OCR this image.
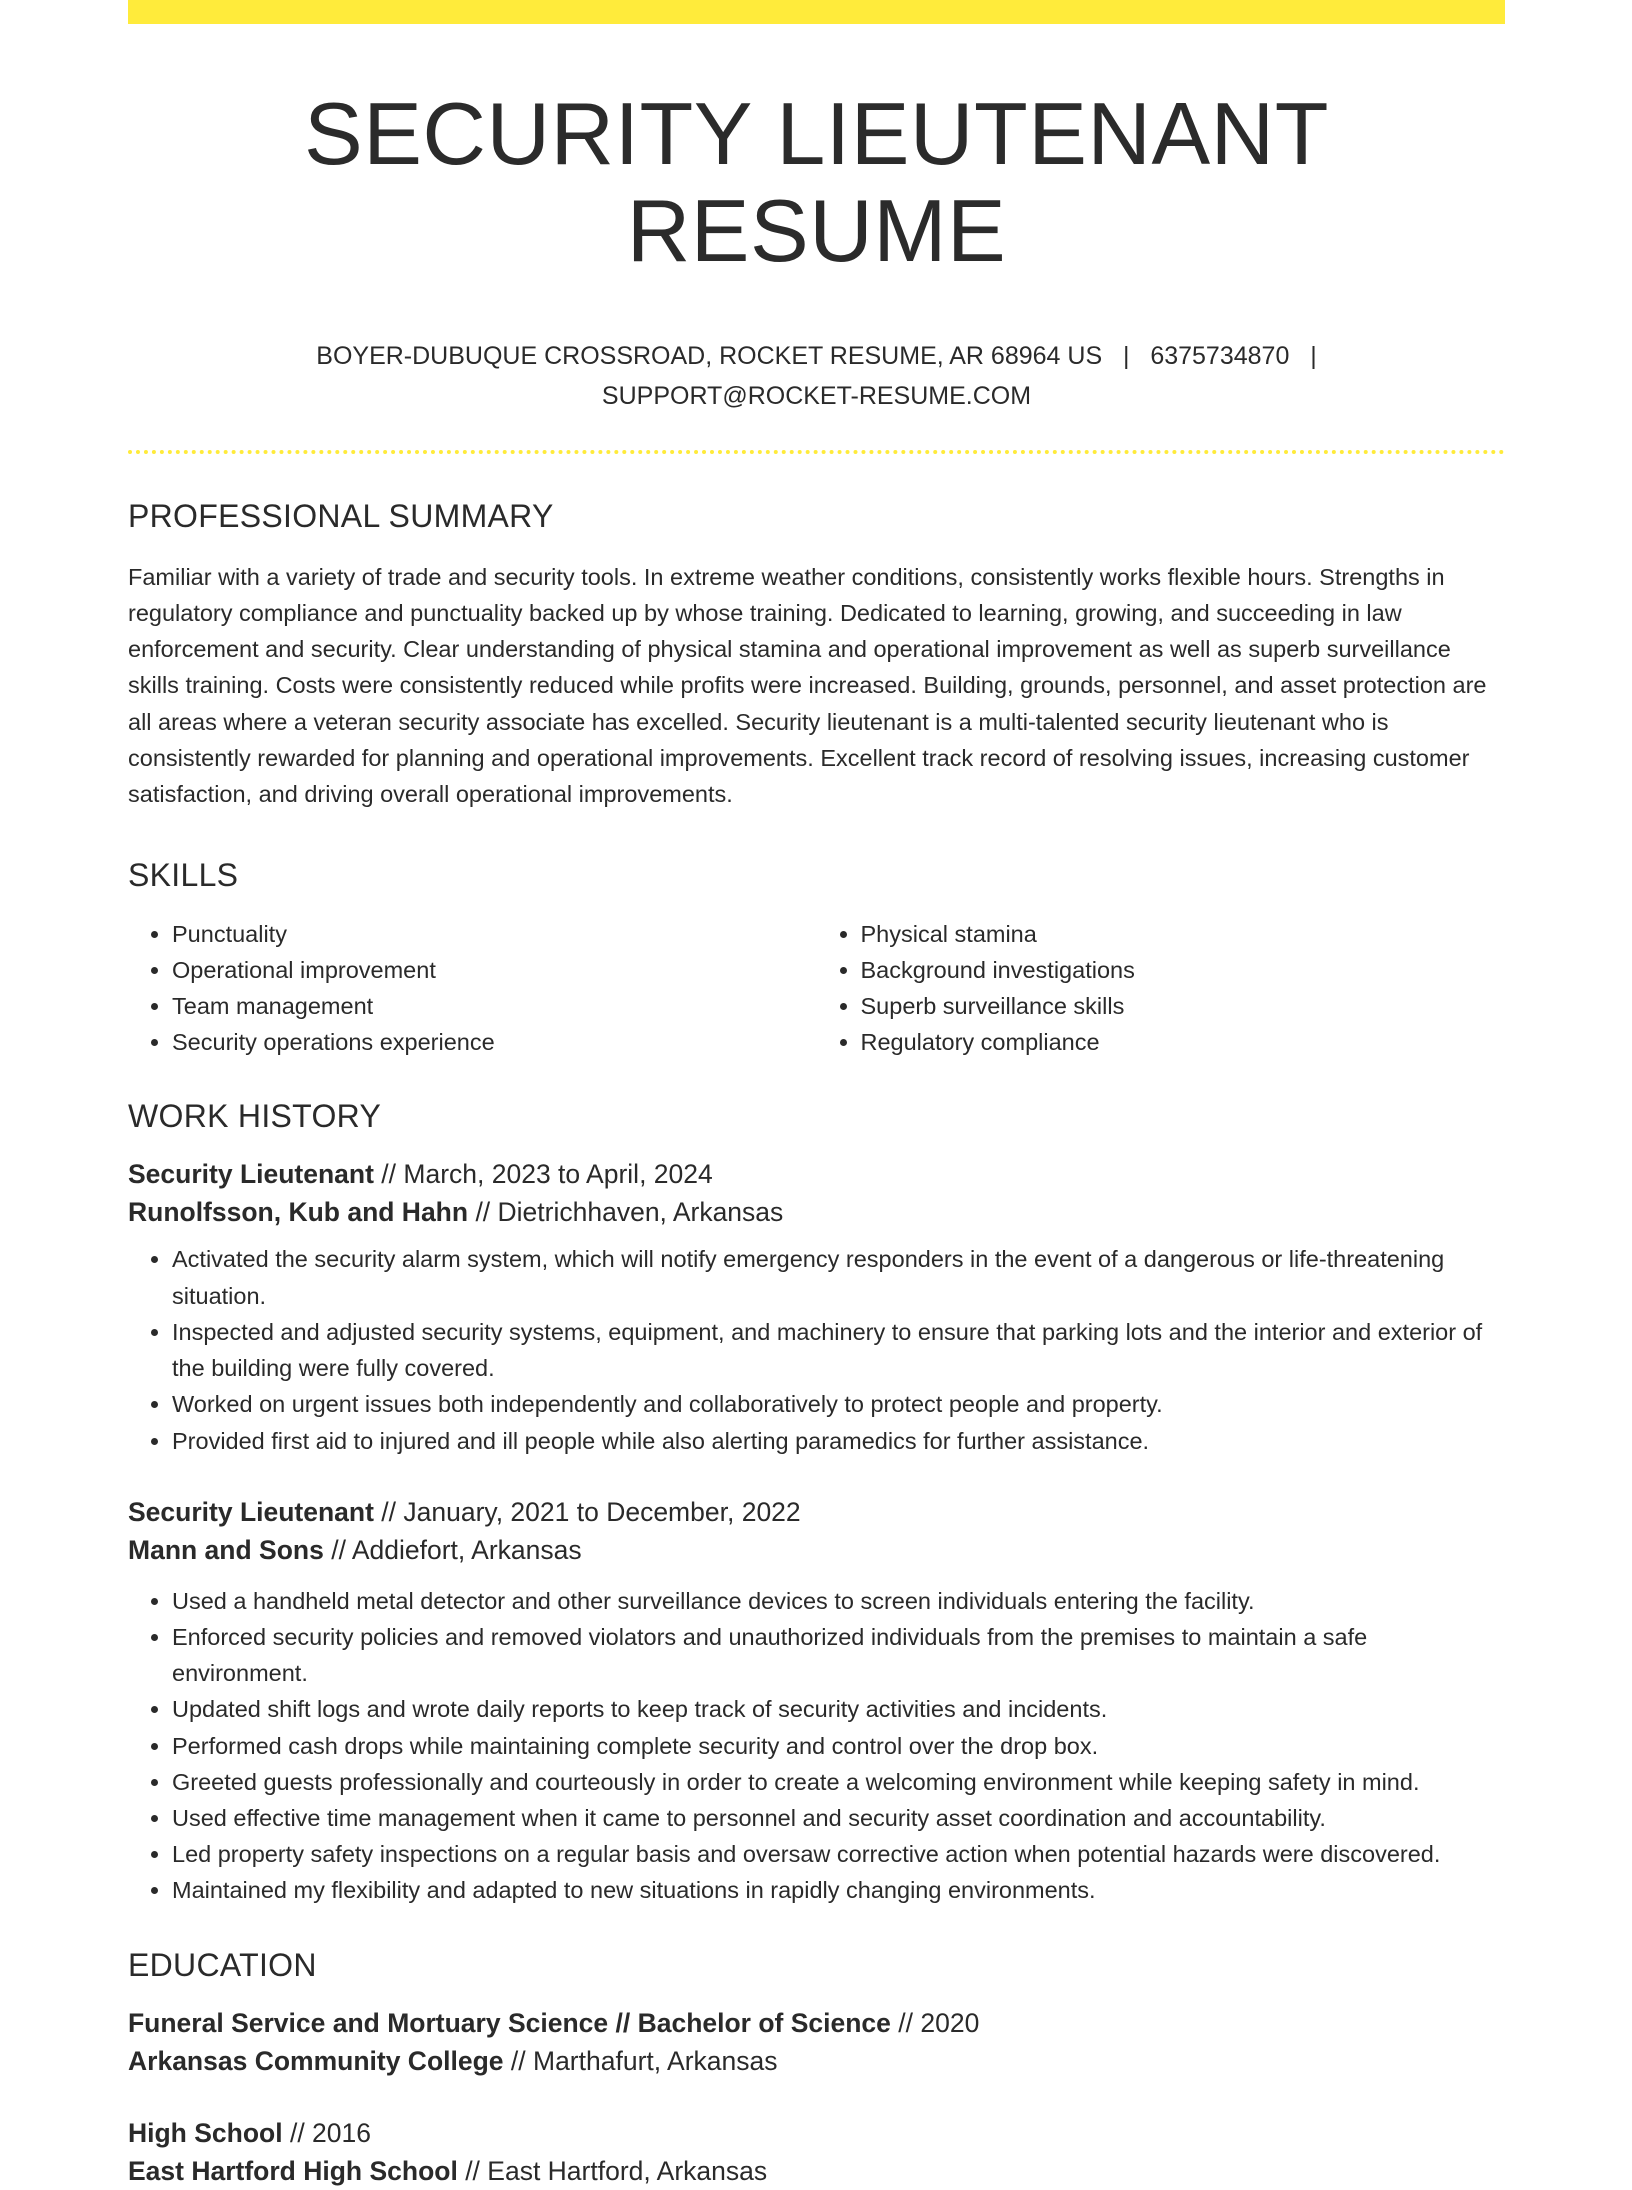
SECURITY LIEUTENANT RESUME
BOYER-DUBUQUE CROSSROAD, ROCKET RESUME, AR 68964 US | 6375734870 |
SUPPORT@ROCKET-RESUME.COM
PROFESSIONAL SUMMARY
Familiar with a variety of trade and security tools. In extreme weather conditions, consistently works flexible hours. Strengths in regulatory compliance and punctuality backed up by whose training. Dedicated to learning, growing, and succeeding in law enforcement and security. Clear understanding of physical stamina and operational improvement as well as superb surveillance skills training. Costs were consistently reduced while profits were increased. Building, grounds, personnel, and asset protection are all areas where a veteran security associate has excelled. Security lieutenant is a multi-talented security lieutenant who is consistently rewarded for planning and operational improvements. Excellent track record of resolving issues, increasing customer satisfaction, and driving overall operational improvements.
SKILLS
• Punctuality
• Operational improvement
• Team management
• Security operations experience
• Physical stamina
• Background investigations
• Superb surveillance skills
• Regulatory compliance
WORK HISTORY
Security Lieutenant // March, 2023 to April, 2024
Runolfsson, Kub and Hahn // Dietrichhaven, Arkansas
• Activated the security alarm system, which will notify emergency responders in the event of a dangerous or life-threatening situation.
• Inspected and adjusted security systems, equipment, and machinery to ensure that parking lots and the interior and exterior of the building were fully covered.
• Worked on urgent issues both independently and collaboratively to protect people and property.
• Provided first aid to injured and ill people while also alerting paramedics for further assistance.
Security Lieutenant // January, 2021 to December, 2022
Mann and Sons // Addiefort, Arkansas
• Used a handheld metal detector and other surveillance devices to screen individuals entering the facility.
• Enforced security policies and removed violators and unauthorized individuals from the premises to maintain a safe environment.
• Updated shift logs and wrote daily reports to keep track of security activities and incidents.
• Performed cash drops while maintaining complete security and control over the drop box.
• Greeted guests professionally and courteously in order to create a welcoming environment while keeping safety in mind.
• Used effective time management when it came to personnel and security asset coordination and accountability.
• Led property safety inspections on a regular basis and oversaw corrective action when potential hazards were discovered.
• Maintained my flexibility and adapted to new situations in rapidly changing environments.
EDUCATION
Funeral Service and Mortuary Science // Bachelor of Science // 2020
Arkansas Community College // Marthafurt, Arkansas
High School // 2016
East Hartford High School // East Hartford, Arkansas
